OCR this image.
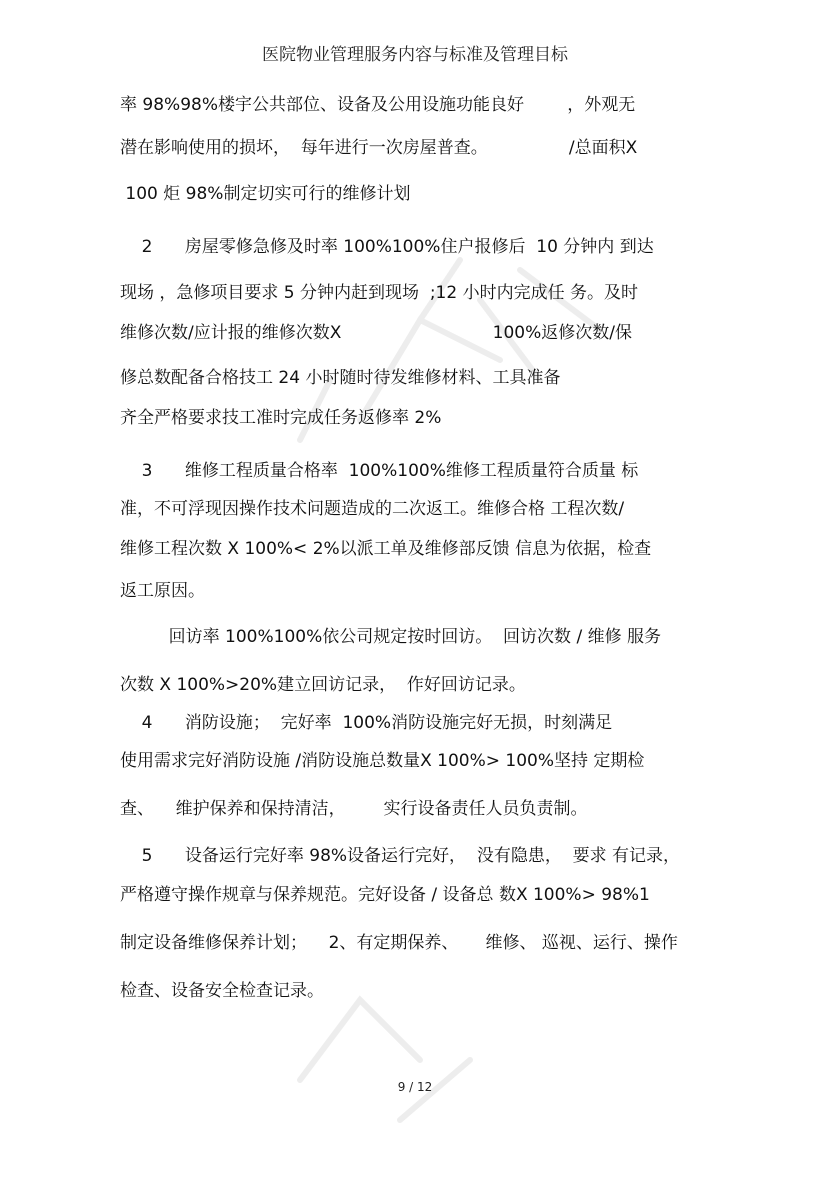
医院物业管理服务内容与标准及管理目标
率 98%98%楼宇公共部位、设备及公用设施功能良好        ，外观无
潜在影响使用的损坏，  每年进行一次房屋普查。               /总面积X
100 炬 98%制定切实可行的维修计划
2      房屋零修急修及时率 100%100%住户报修后  10 分钟内 到达
现场 ，急修项目要求 5 分钟内赶到现场  ;12 小时内完成任 务。及时
维修次数/应计报的维修次数X                            100%返修次数/保
修总数配备合格技工 24 小时随时待发维修材料、工具准备
齐全严格要求技工准时完成任务返修率 2%
3      维修工程质量合格率  100%100%维修工程质量符合质量 标
准，不可浮现因操作技术问题造成的二次返工。维修合格 工程次数/
维修工程次数 X 100%< 2%以派工单及维修部反馈 信息为依据，检查
返工原因。
回访率 100%100%依公司规定按时回访。  回访次数 / 维修 服务
次数 X 100%>20%建立回访记录，  作好回访记录。
4      消防设施；  完好率  100%消防设施完好无损，时刻满足
使用需求完好消防设施 /消防设施总数量X 100%> 100%坚持 定期检
查、    维护保养和保持清洁，       实行设备责任人员负责制。
5      设备运行完好率 98%设备运行完好，  没有隐患，  要求 有记录，
严格遵守操作规章与保养规范。完好设备 / 设备总 数X 100%> 98%1
制定设备维修保养计划；    2、有定期保养、     维修、 巡视、运行、操作
检查、设备安全检查记录。
9 / 12
